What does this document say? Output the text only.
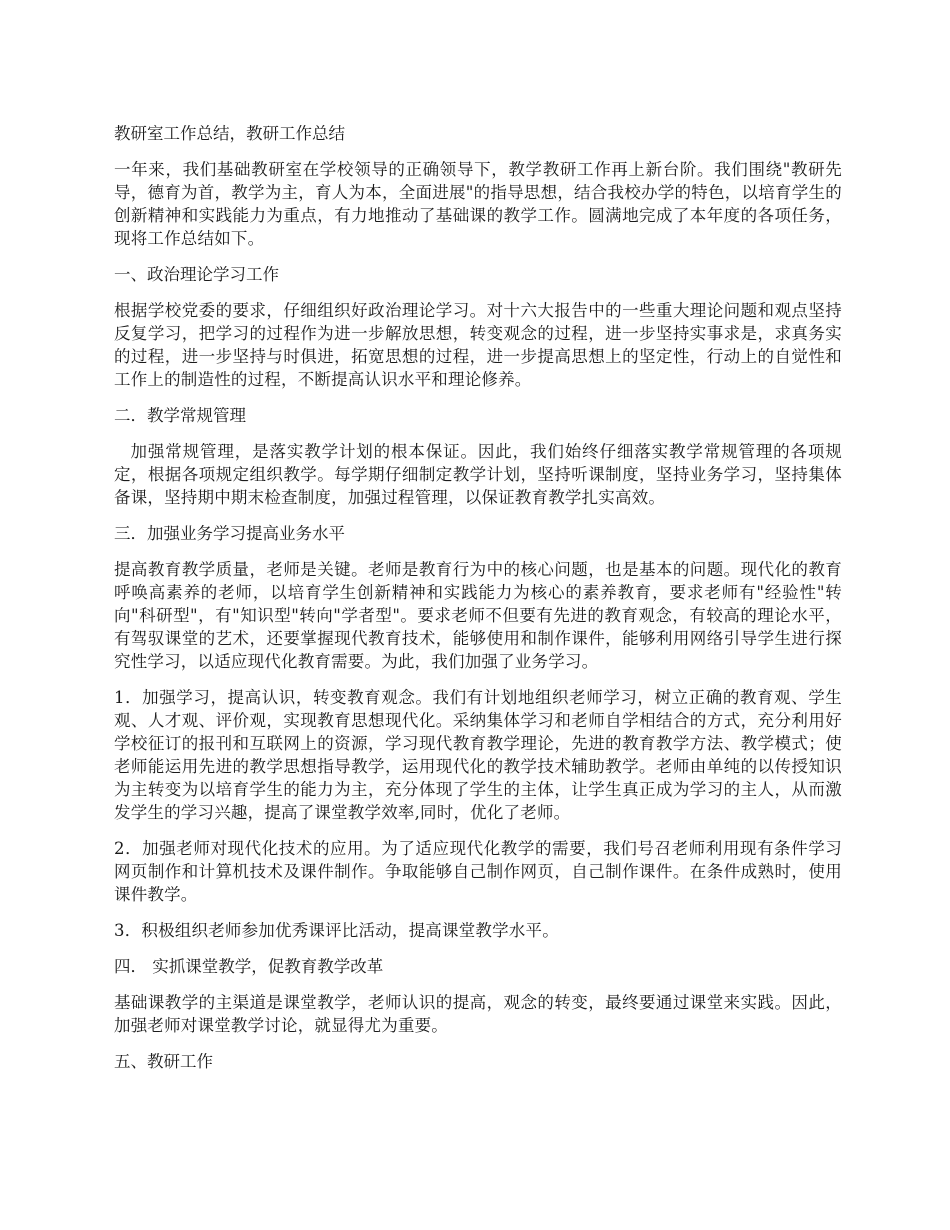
教研室工作总结，教研工作总结

一年来，我们基础教研室在学校领导的正确领导下，教学教研工作再上新台阶。我们围绕"教研先导，德育为首，教学为主，育人为本，全面进展"的指导思想，结合我校办学的特色，以培育学生的创新精神和实践能力为重点，有力地推动了基础课的教学工作。圆满地完成了本年度的各项任务，现将工作总结如下。

一、政治理论学习工作

根据学校党委的要求，仔细组织好政治理论学习。对十六大报告中的一些重大理论问题和观点坚持反复学习，把学习的过程作为进一步解放思想，转变观念的过程，进一步坚持实事求是，求真务实的过程，进一步坚持与时俱进，拓宽思想的过程，进一步提高思想上的坚定性，行动上的自觉性和工作上的制造性的过程，不断提高认识水平和理论修养。

二．教学常规管理

加强常规管理，是落实教学计划的根本保证。因此，我们始终仔细落实教学常规管理的各项规定，根据各项规定组织教学。每学期仔细制定教学计划，坚持听课制度，坚持业务学习，坚持集体备课，坚持期中期末检查制度，加强过程管理，以保证教育教学扎实高效。

三．加强业务学习提高业务水平

提高教育教学质量，老师是关键。老师是教育行为中的核心问题，也是基本的问题。现代化的教育呼唤高素养的老师，以培育学生创新精神和实践能力为核心的素养教育，要求老师有"经验性"转向"科研型"，有"知识型"转向"学者型"。要求老师不但要有先进的教育观念，有较高的理论水平，有驾驭课堂的艺术，还要掌握现代教育技术，能够使用和制作课件，能够利用网络引导学生进行探究性学习，以适应现代化教育需要。为此，我们加强了业务学习。

1．加强学习，提高认识，转变教育观念。我们有计划地组织老师学习，树立正确的教育观、学生观、人才观、评价观，实现教育思想现代化。采纳集体学习和老师自学相结合的方式，充分利用好学校征订的报刊和互联网上的资源，学习现代教育教学理论，先进的教育教学方法、教学模式；使老师能运用先进的教学思想指导教学，运用现代化的教学技术辅助教学。老师由单纯的以传授知识为主转变为以培育学生的能力为主，充分体现了学生的主体，让学生真正成为学习的主人，从而激发学生的学习兴趣，提高了课堂教学效率,同时，优化了老师。

2．加强老师对现代化技术的应用。为了适应现代化教学的需要，我们号召老师利用现有条件学习网页制作和计算机技术及课件制作。争取能够自己制作网页，自己制作课件。在条件成熟时，使用课件教学。

3．积极组织老师参加优秀课评比活动，提高课堂教学水平。

四． 实抓课堂教学，促教育教学改革

基础课教学的主渠道是课堂教学，老师认识的提高，观念的转变，最终要通过课堂来实践。因此，加强老师对课堂教学讨论，就显得尤为重要。

五、教研工作
